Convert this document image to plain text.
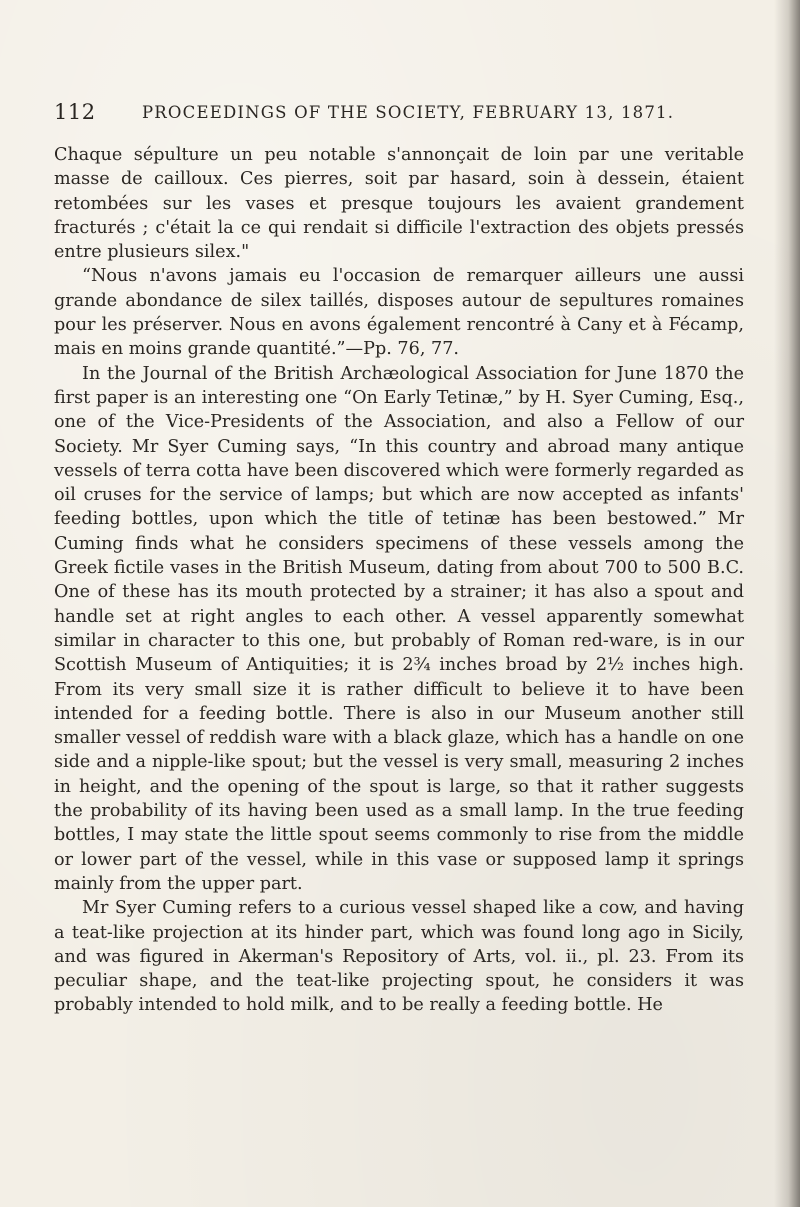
112	PROCEEDINGS OF THE SOCIETY, FEBRUARY 13, 1871.

Chaque sépulture un peu notable s'annonçait de loin par une veritable masse de cailloux. Ces pierres, soit par hasard, soin à dessein, étaient retombées sur les vases et presque toujours les avaient grandement fracturés ; c'était la ce qui rendait si difficile l'extraction des objets pressés entre plusieurs silex."

“Nous n'avons jamais eu l'occasion de remarquer ailleurs une aussi grande abondance de silex taillés, disposes autour de sepultures romaines pour les préserver. Nous en avons également rencontré à Cany et à Fécamp, mais en moins grande quantité.”—Pp. 76, 77.

In the Journal of the British Archæological Association for June 1870 the first paper is an interesting one “On Early Tetinæ,” by H. Syer Cuming, Esq., one of the Vice-Presidents of the Association, and also a Fellow of our Society. Mr Syer Cuming says, “In this country and abroad many antique vessels of terra cotta have been discovered which were formerly regarded as oil cruses for the service of lamps; but which are now accepted as infants' feeding bottles, upon which the title of tetinæ has been bestowed.” Mr Cuming finds what he considers specimens of these vessels among the Greek fictile vases in the British Museum, dating from about 700 to 500 B.C. One of these has its mouth protected by a strainer; it has also a spout and handle set at right angles to each other. A vessel apparently somewhat similar in character to this one, but probably of Roman red-ware, is in our Scottish Museum of Antiquities; it is 2¾ inches broad by 2½ inches high. From its very small size it is rather difficult to believe it to have been intended for a feeding bottle. There is also in our Museum another still smaller vessel of reddish ware with a black glaze, which has a handle on one side and a nipple-like spout; but the vessel is very small, measuring 2 inches in height, and the opening of the spout is large, so that it rather suggests the probability of its having been used as a small lamp. In the true feeding bottles, I may state the little spout seems commonly to rise from the middle or lower part of the vessel, while in this vase or supposed lamp it springs mainly from the upper part.

Mr Syer Cuming refers to a curious vessel shaped like a cow, and having a teat-like projection at its hinder part, which was found long ago in Sicily, and was figured in Akerman's Repository of Arts, vol. ii., pl. 23. From its peculiar shape, and the teat-like projecting spout, he considers it was probably intended to hold milk, and to be really a feeding bottle. He
